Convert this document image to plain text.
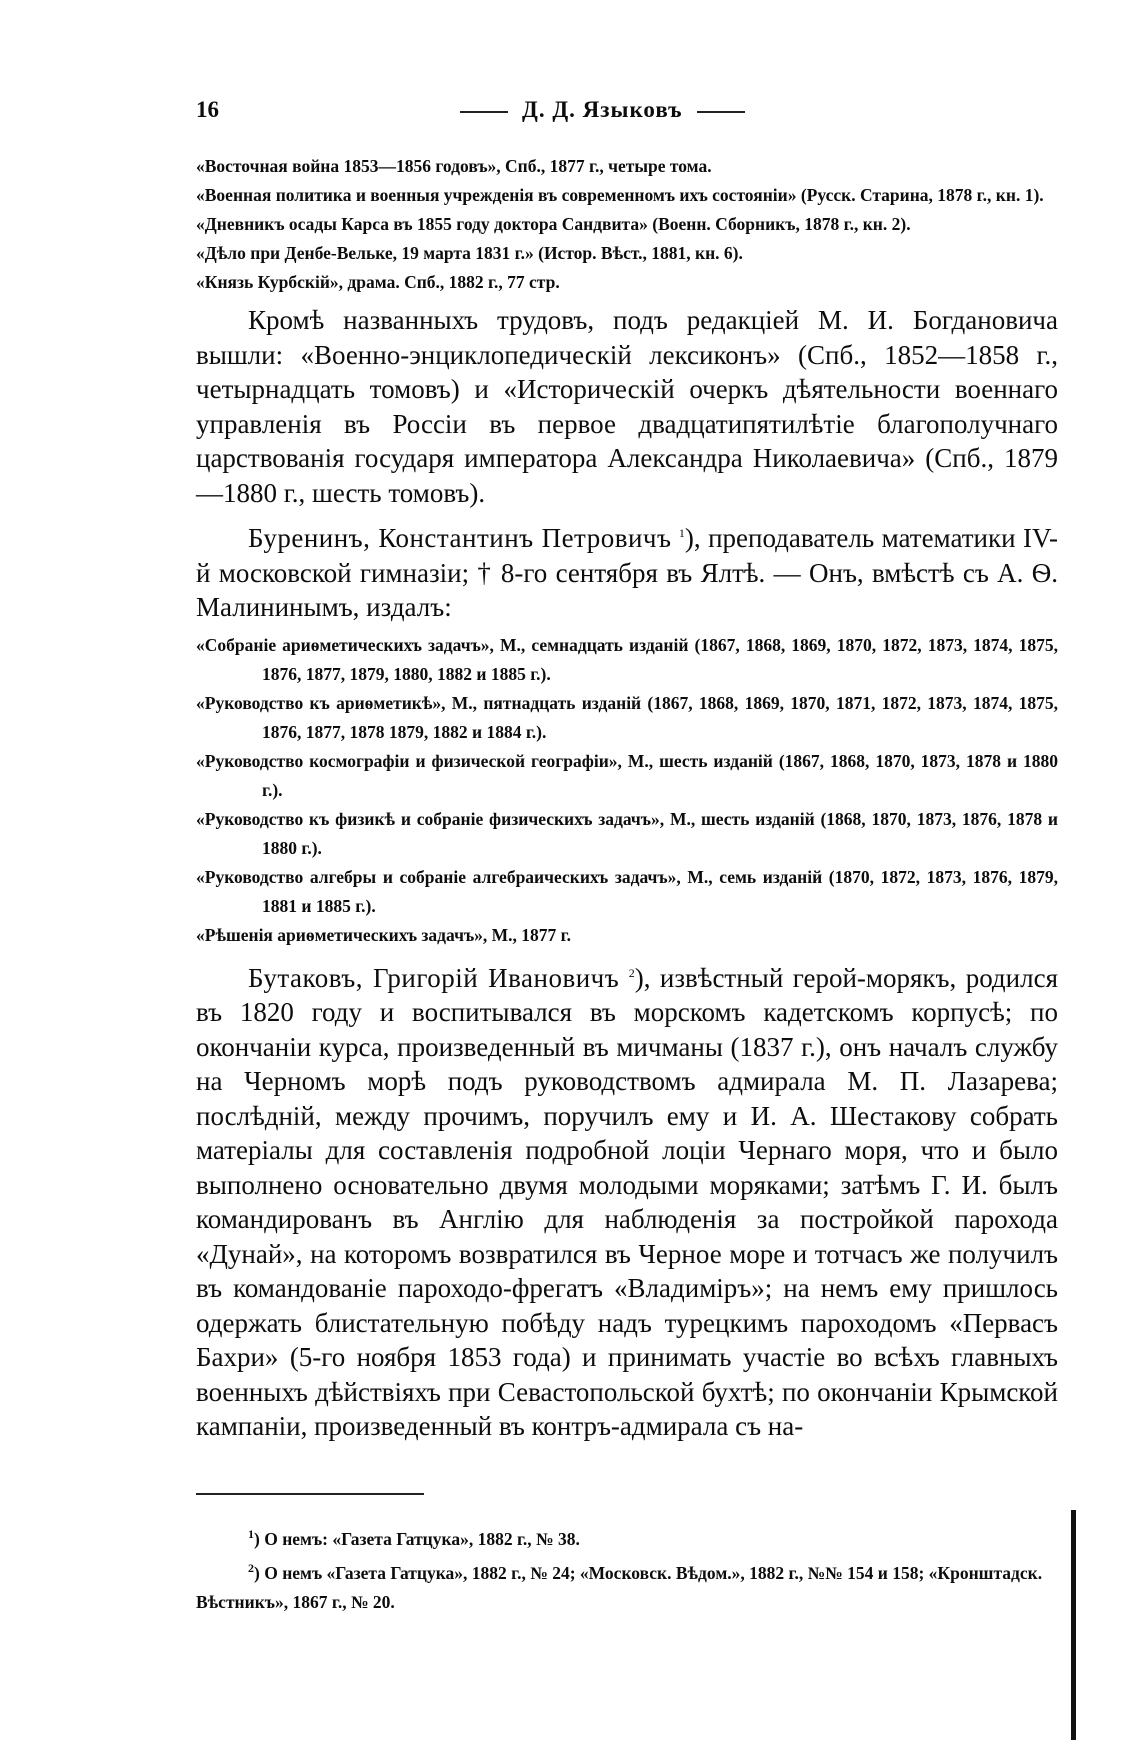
16	Д. Д. Языковъ

«Восточная война 1853—1856 годовъ», Спб., 1877 г., четыре тома.

«Военная политика и военныя учрежденія въ современномъ ихъ состояніи» (Русск. Старина, 1878 г., кн. 1).

«Дневникъ осады Карса въ 1855 году доктора Сандвита» (Военн. Сборникъ, 1878 г., кн. 2).

«Дѣло при Денбе-Вельке, 19 марта 1831 г.» (Истор. Вѣст., 1881, кн. 6).

«Князь Курбскій», драма. Спб., 1882 г., 77 стр.

Кромѣ названныхъ трудовъ, подъ редакціей М. И. Богдановича вышли: «Военно-энциклопедическій лексиконъ» (Спб., 1852—1858 г., четырнадцать томовъ) и «Историческій очеркъ дѣятельности военнаго управленія въ Россіи въ первое двадцатипятилѣтіе благополучнаго царствованія государя императора Александра Николаевича» (Спб., 1879—1880 г., шесть томовъ).

Буренинъ, Константинъ Петровичъ $^1$), преподаватель математики IV-й московской гимназіи; † 8-го сентября въ Ялтѣ. — Онъ, вмѣстѣ съ А. Ѳ. Малининымъ, издалъ:

«Собраніе ариѳметическихъ задачъ», М., семнадцать изданій (1867, 1868, 1869, 1870, 1872, 1873, 1874, 1875, 1876, 1877, 1879, 1880, 1882 и 1885 г.).

«Руководство къ ариѳметикѣ», М., пятнадцать изданій (1867, 1868, 1869, 1870, 1871, 1872, 1873, 1874, 1875, 1876, 1877, 1878 1879, 1882 и 1884 г.).

«Руководство космографіи и физической географіи», М., шесть изданій (1867, 1868, 1870, 1873, 1878 и 1880 г.).

«Руководство къ физикѣ и собраніе физическихъ задачъ», М., шесть изданій (1868, 1870, 1873, 1876, 1878 и 1880 г.).

«Руководство алгебры и собраніе алгебраическихъ задачъ», М., семь изданій (1870, 1872, 1873, 1876, 1879, 1881 и 1885 г.).

«Рѣшенія ариѳметическихъ задачъ», М., 1877 г.

Бутаковъ, Григорій Ивановичъ $^2$), извѣстный герой-морякъ, родился въ 1820 году и воспитывался въ морскомъ кадетскомъ корпусѣ; по окончаніи курса, произведенный въ мичманы (1837 г.), онъ началъ службу на Черномъ морѣ подъ руководствомъ адмирала М. П. Лазарева; послѣдній, между прочимъ, поручилъ ему и И. А. Шестакову собрать матеріалы для составленія подробной лоціи Чернаго моря, что и было выполнено основательно двумя молодыми моряками; затѣмъ Г. И. былъ командированъ въ Англію для наблюденія за постройкой парохода «Дунай», на которомъ возвратился въ Черное море и тотчасъ же получилъ въ командованіе пароходо-фрегатъ «Владиміръ»; на немъ ему пришлось одержать блистательную побѣду надъ турецкимъ пароходомъ «Первасъ Бахри» (5-го ноября 1853 года) и принимать участіе во всѣхъ главныхъ военныхъ дѣйствіяхъ при Севастопольской бухтѣ; по окончаніи Крымской кампаніи, произведенный въ контръ-адмирала съ на-

$^1$) О немъ: «Газета Гатцука», 1882 г., № 38.

$^2$) О немъ «Газета Гатцука», 1882 г., № 24; «Московск. Вѣдом.», 1882 г., №№ 154 и 158; «Кронштадск. Вѣстникъ», 1867 г., № 20.
